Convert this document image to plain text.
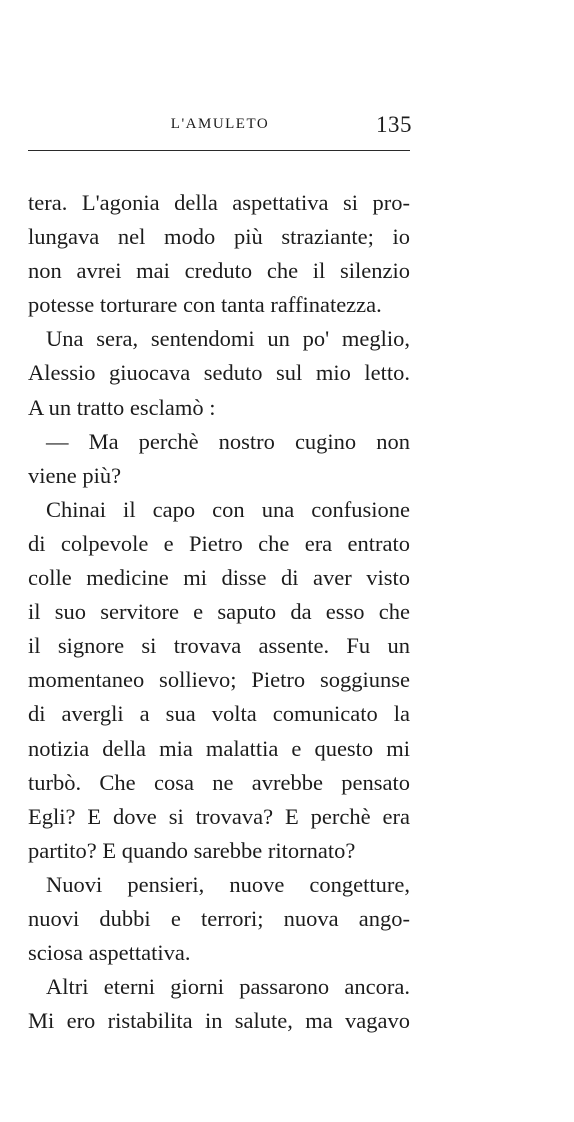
L'AMULETO	135
tera. L'agonia della aspettativa si pro-
lungava nel modo più straziante; io
non avrei mai creduto che il silenzio
potesse torturare con tanta raffinatezza.
Una sera, sentendomi un po' meglio,
Alessio giuocava seduto sul mio letto.
A un tratto esclamò :
— Ma perchè nostro cugino non
viene più?
Chinai il capo con una confusione
di colpevole e Pietro che era entrato
colle medicine mi disse di aver visto
il suo servitore e saputo da esso che
il signore si trovava assente. Fu un
momentaneo sollievo; Pietro soggiunse
di avergli a sua volta comunicato la
notizia della mia malattia e questo mi
turbò. Che cosa ne avrebbe pensato
Egli? E dove si trovava? E perchè era
partito? E quando sarebbe ritornato?
Nuovi pensieri, nuove congetture,
nuovi dubbi e terrori; nuova ango-
sciosa aspettativa.
Altri eterni giorni passarono ancora.
Mi ero ristabilita in salute, ma vagavo
